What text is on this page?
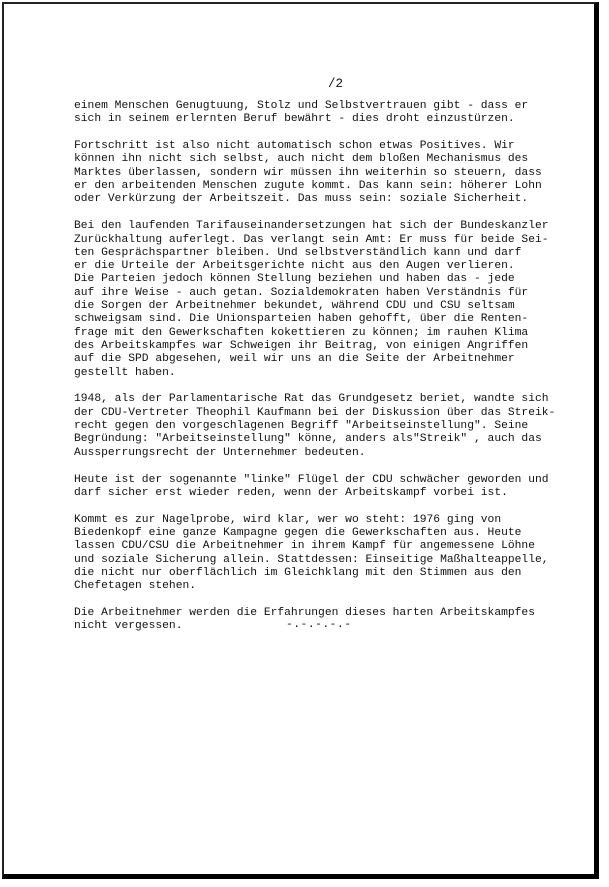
/2

einem Menschen Genugtuung, Stolz und Selbstvertrauen gibt - dass er
sich in seinem erlernten Beruf bewährt - dies droht einzustürzen.

Fortschritt ist also nicht automatisch schon etwas Positives. Wir
können ihn nicht sich selbst, auch nicht dem bloßen Mechanismus des
Marktes überlassen, sondern wir müssen ihn weiterhin so steuern, dass
er den arbeitenden Menschen zugute kommt. Das kann sein: höherer Lohn
oder Verkürzung der Arbeitszeit. Das muss sein: soziale Sicherheit.

Bei den laufenden Tarifauseinandersetzungen hat sich der Bundeskanzler
Zurückhaltung auferlegt. Das verlangt sein Amt: Er muss für beide Sei-
ten Gesprächspartner bleiben. Und selbstverständlich kann und darf
er die Urteile der Arbeitsgerichte nicht aus den Augen verlieren.
Die Parteien jedoch können Stellung beziehen und haben das - jede
auf ihre Weise - auch getan. Sozialdemokraten haben Verständnis für
die Sorgen der Arbeitnehmer bekundet, während CDU und CSU seltsam
schweigsam sind. Die Unionsparteien haben gehofft, über die Renten-
frage mit den Gewerkschaften kokettieren zu können; im rauhen Klima
des Arbeitskampfes war Schweigen ihr Beitrag, von einigen Angriffen
auf die SPD abgesehen, weil wir uns an die Seite der Arbeitnehmer
gestellt haben.

1948, als der Parlamentarische Rat das Grundgesetz beriet, wandte sich
der CDU-Vertreter Theophil Kaufmann bei der Diskussion über das Streik-
recht gegen den vorgeschlagenen Begriff "Arbeitseinstellung". Seine
Begründung: "Arbeitseinstellung" könne, anders als"Streik" , auch das
Aussperrungsrecht der Unternehmer bedeuten.

Heute ist der sogenannte "linke" Flügel der CDU schwächer geworden und
darf sicher erst wieder reden, wenn der Arbeitskampf vorbei ist.

Kommt es zur Nagelprobe, wird klar, wer wo steht: 1976 ging von
Biedenkopf eine ganze Kampagne gegen die Gewerkschaften aus. Heute
lassen CDU/CSU die Arbeitnehmer in ihrem Kampf für angemessene Löhne
und soziale Sicherung allein. Stattdessen: Einseitige Maßhalteappelle,
die nicht nur oberflächlich im Gleichklang mit den Stimmen aus den
Chefetagen stehen.

Die Arbeitnehmer werden die Erfahrungen dieses harten Arbeitskampfes
nicht vergessen.	-.-.-.-.-
